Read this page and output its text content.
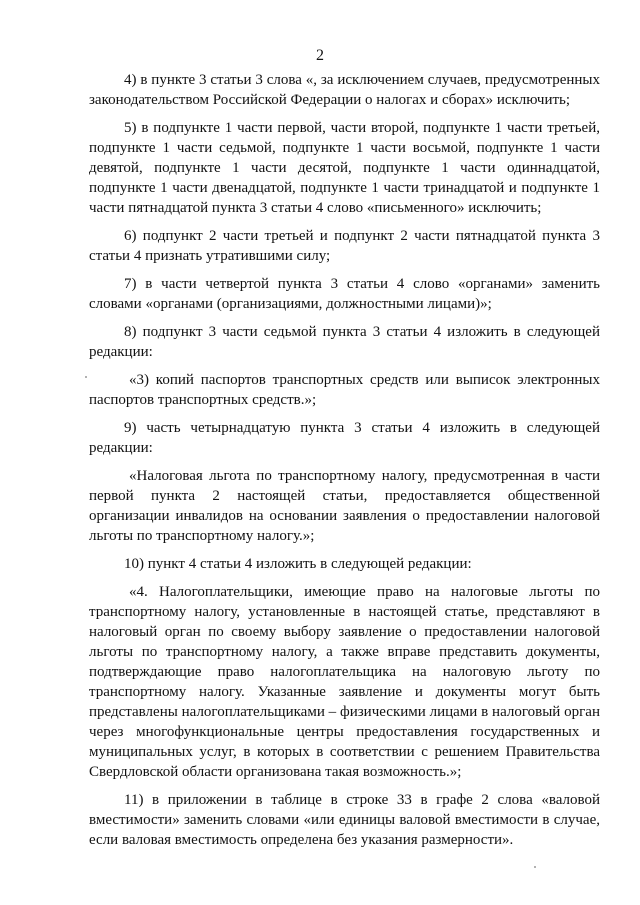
2

4) в пункте 3 статьи 3 слова «, за исключением случаев, предусмотренных законодательством Российской Федерации о налогах и сборах» исключить;

5) в подпункте 1 части первой, части второй, подпункте 1 части третьей, подпункте 1 части седьмой, подпункте 1 части восьмой, подпункте 1 части девятой, подпункте 1 части десятой, подпункте 1 части одиннадцатой, подпункте 1 части двенадцатой, подпункте 1 части тринадцатой и подпункте 1 части пятнадцатой пункта 3 статьи 4 слово «письменного» исключить;

6) подпункт 2 части третьей и подпункт 2 части пятнадцатой пункта 3 статьи 4 признать утратившими силу;

7) в части четвертой пункта 3 статьи 4 слово «органами» заменить словами «органами (организациями, должностными лицами)»;

8) подпункт 3 части седьмой пункта 3 статьи 4 изложить в следующей редакции:

«3) копий паспортов транспортных средств или выписок электронных паспортов транспортных средств.»;

9) часть четырнадцатую пункта 3 статьи 4 изложить в следующей редакции:

«Налоговая льгота по транспортному налогу, предусмотренная в части первой пункта 2 настоящей статьи, предоставляется общественной организации инвалидов на основании заявления о предоставлении налоговой льготы по транспортному налогу.»;

10) пункт 4 статьи 4 изложить в следующей редакции:

«4. Налогоплательщики, имеющие право на налоговые льготы по транспортному налогу, установленные в настоящей статье, представляют в налоговый орган по своему выбору заявление о предоставлении налоговой льготы по транспортному налогу, а также вправе представить документы, подтверждающие право налогоплательщика на налоговую льготу по транспортному налогу. Указанные заявление и документы могут быть представлены налогоплательщиками – физическими лицами в налоговый орган через многофункциональные центры предоставления государственных и муниципальных услуг, в которых в соответствии с решением Правительства Свердловской области организована такая возможность.»;

11) в приложении в таблице в строке 33 в графе 2 слова «валовой вместимости» заменить словами «или единицы валовой вместимости в случае, если валовая вместимость определена без указания размерности».
